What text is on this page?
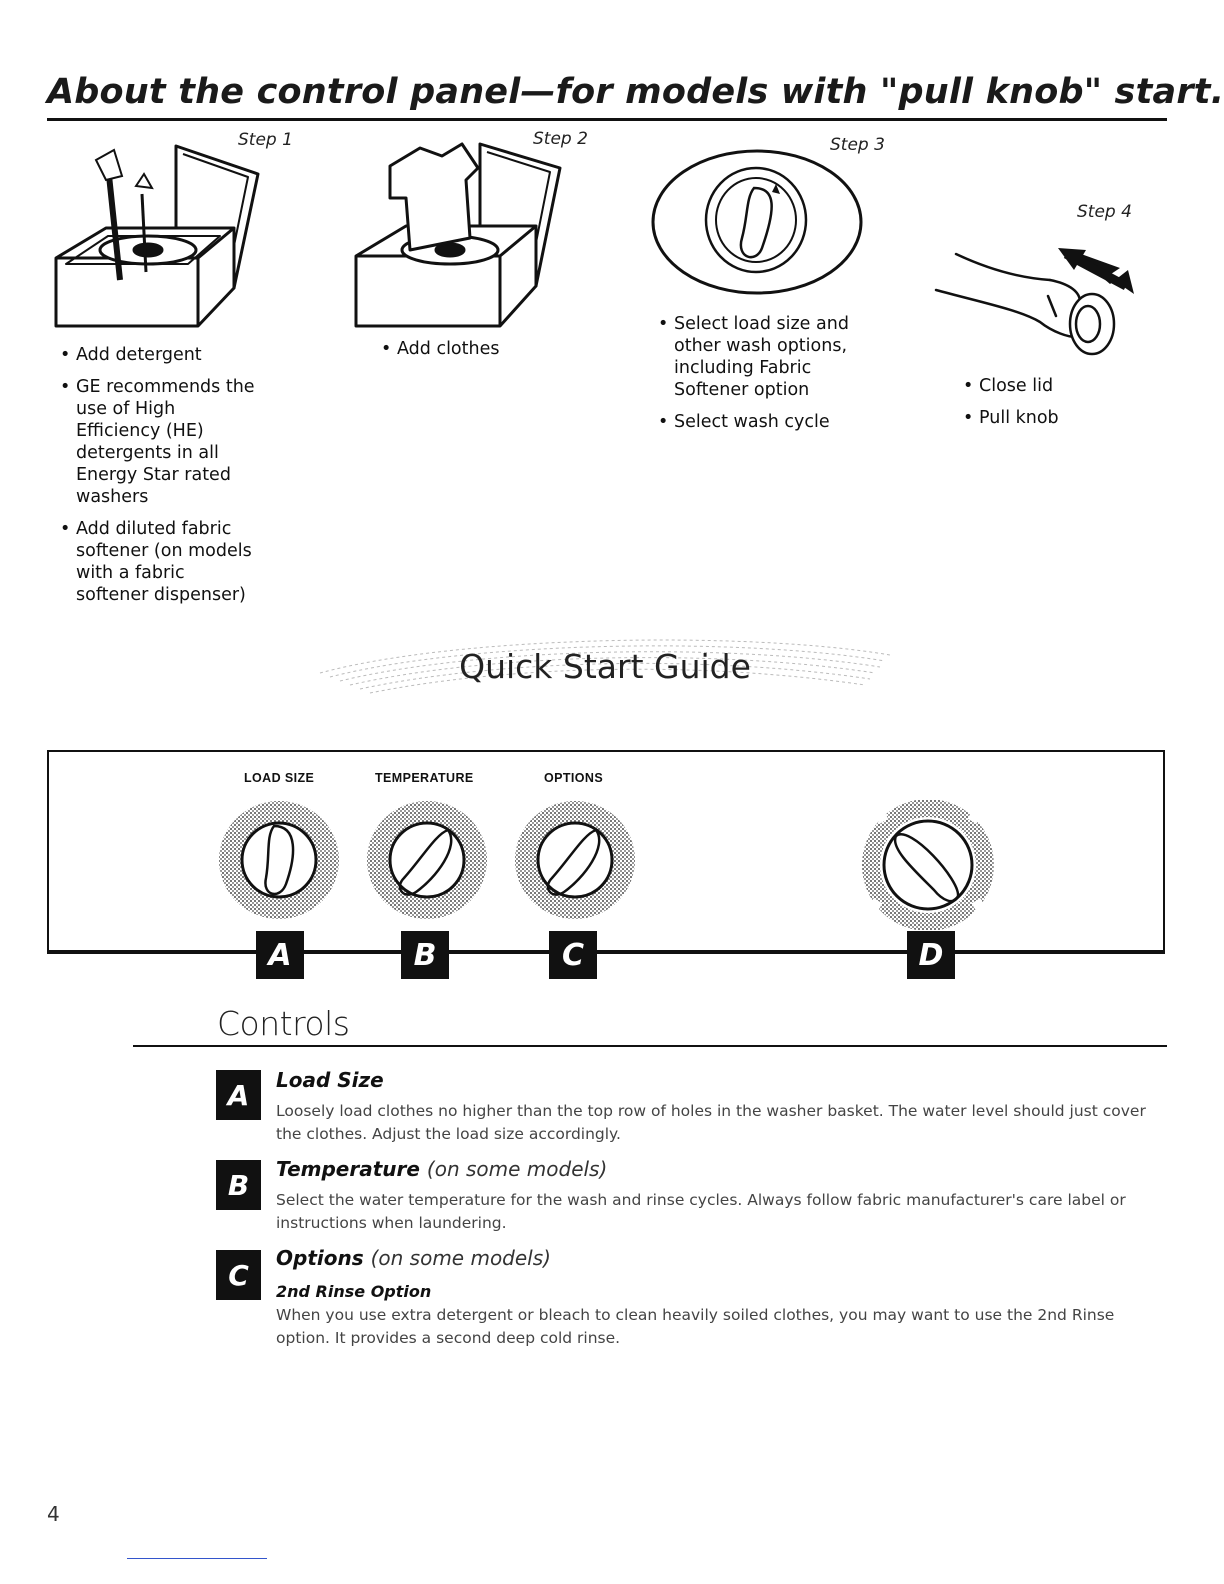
About the control panel—for models with "pull knob" start.
Step 1
• Add detergent
• GE recommends the use of High Efficiency (HE) detergents in all Energy Star rated washers
• Add diluted fabric softener (on models with a fabric softener dispenser)
Step 2
• Add clothes
Step 3
• Select load size and other wash options, including Fabric Softener option
• Select wash cycle
Step 4
• Close lid
• Pull knob
Quick Start Guide
LOAD SIZE	TEMPERATURE	OPTIONS
A	B	C	D
Controls
A	Load Size
Loosely load clothes no higher than the top row of holes in the washer basket. The water level should just cover the clothes. Adjust the load size accordingly.
B	Temperature (on some models)
Select the water temperature for the wash and rinse cycles. Always follow fabric manufacturer's care label or instructions when laundering.
C
Options (on some models)
2nd Rinse Option
When you use extra detergent or bleach to clean heavily soiled clothes, you may want to use the 2nd Rinse option. It provides a second deep cold rinse.
4
